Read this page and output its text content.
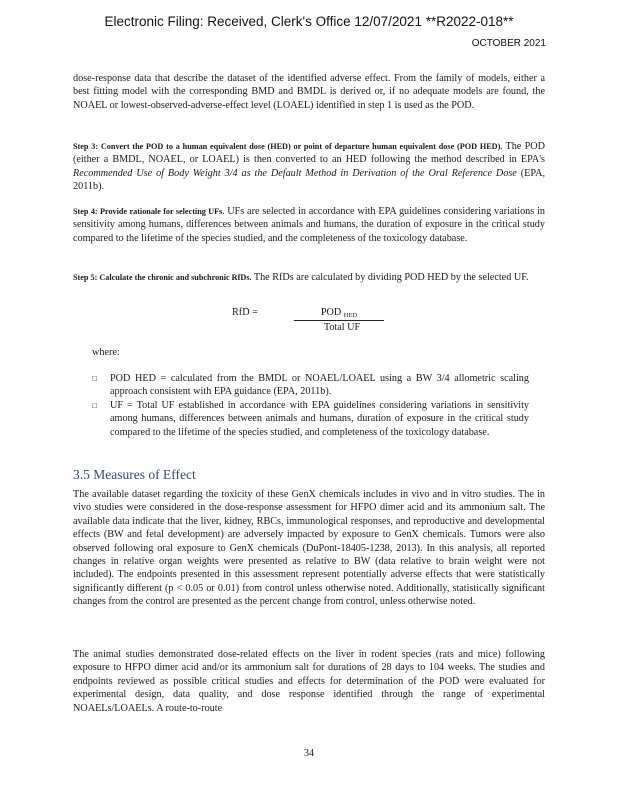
Electronic Filing: Received, Clerk's Office 12/07/2021 **R2022-018**
OCTOBER 2021

dose-response data that describe the dataset of the identified adverse effect. From the family of models, either a best fitting model with the corresponding BMD and BMDL is derived or, if no adequate models are found, the NOAEL or lowest-observed-adverse-effect level (LOAEL) identified in step 1 is used as the POD.

Step 3: Convert the POD to a human equivalent dose (HED) or point of departure human equivalent dose (POD HED). The POD (either a BMDL, NOAEL, or LOAEL) is then converted to an HED following the method described in EPA's Recommended Use of Body Weight 3/4 as the Default Method in Derivation of the Oral Reference Dose (EPA, 2011b).

Step 4: Provide rationale for selecting UFs. UFs are selected in accordance with EPA guidelines considering variations in sensitivity among humans, differences between animals and humans, the duration of exposure in the critical study compared to the lifetime of the species studied, and the completeness of the toxicology database.

Step 5: Calculate the chronic and subchronic RfDs. The RfDs are calculated by dividing POD HED by the selected UF.

RfD =	POD $_{HED}$
Total UF
where:
□ POD HED = calculated from the BMDL or NOAEL/LOAEL using a BW 3/4 allometric scaling approach consistent with EPA guidance (EPA, 2011b).
□ UF = Total UF established in accordance with EPA guidelines considering variations in sensitivity among humans, differences between animals and humans, duration of exposure in the critical study compared to the lifetime of the species studied, and completeness of the toxicology database.
3.5 Measures of Effect

The available dataset regarding the toxicity of these GenX chemicals includes in vivo and in vitro studies. The in vivo studies were considered in the dose-response assessment for HFPO dimer acid and its ammonium salt. The available data indicate that the liver, kidney, RBCs, immunological responses, and reproductive and developmental effects (BW and fetal development) are adversely impacted by exposure to GenX chemicals. Tumors were also observed following oral exposure to GenX chemicals (DuPont-18405-1238, 2013). In this analysis, all reported changes in relative organ weights were presented as relative to BW (data relative to brain weight were not included). The endpoints presented in this assessment represent potentially adverse effects that were statistically significantly different (p < 0.05 or 0.01) from control unless otherwise noted. Additionally, statistically significant changes from the control are presented as the percent change from control, unless otherwise noted.

The animal studies demonstrated dose-related effects on the liver in rodent species (rats and mice) following exposure to HFPO dimer acid and/or its ammonium salt for durations of 28 days to 104 weeks. The studies and endpoints reviewed as possible critical studies and effects for determination of the POD were evaluated for experimental design, data quality, and dose response identified through the range of experimental NOAELs/LOAELs. A route-to-route

34
